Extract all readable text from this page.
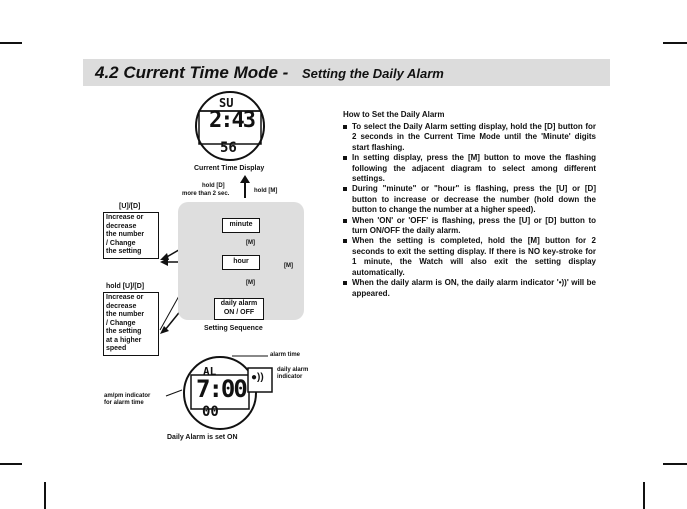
4.2 Current Time Mode - Setting the Daily Alarm
SU
2:43
56
Current Time Display
hold [D]
more than 2 sec.	hold [M]
minute
[M]
hour
[M]
[M]
daily alarm ON / OFF
Setting Sequence
[U]/[D]
Increase or
decrease
the number
/ Change
the setting
hold [U]/[D]
Increase or
decrease
the number
/ Change
the setting
at a higher
speed
alarm time
AL
7:00
00
●))
daily alarm
indicator
am/pm indicator
for alarm time
Daily Alarm is set ON
How to Set the Daily Alarm
To select the Daily Alarm setting display, hold the [D] button for 2 seconds in the Current Time Mode until the 'Minute' digits start flashing.
In setting display, press the [M] button to move the flashing following the adjacent diagram to select among different settings.
During "minute" or "hour" is flashing, press the [U] or [D] button to increase or decrease the number (hold down the button to change the number at a higher speed).
When 'ON' or 'OFF' is flashing, press the [U] or [D] button to turn ON/OFF the daily alarm.
When the setting is completed, hold the [M] button for 2 seconds to exit the setting display. If there is NO key-stroke for 1 minute, the Watch will also exit the setting display automatically.
When the daily alarm is ON, the daily alarm indicator '•))' will be appeared.
